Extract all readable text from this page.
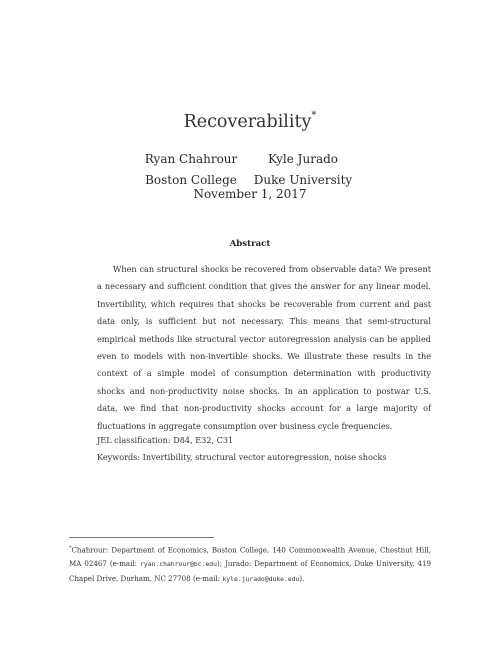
Recoverability*
Ryan Chahrour
Boston College
Kyle Jurado
Duke University
November 1, 2017
Abstract

When can structural shocks be recovered from observable data? We present a necessary and sufficient condition that gives the answer for any linear model. Invertibility, which requires that shocks be recoverable from current and past data only, is sufficient but not necessary. This means that semi-structural empirical methods like structural vector autoregression analysis can be applied even to models with non-invertible shocks. We illustrate these results in the context of a simple model of consumption determination with productivity shocks and non-productivity noise shocks. In an application to postwar U.S. data, we find that non-productivity shocks account for a large majority of fluctuations in aggregate consumption over business cycle frequencies.

JEL classification: D84, E32, C31
Keywords: Invertibility, structural vector autoregression, noise shocks

*Chahrour: Department of Economics, Boston College, 140 Commonwealth Avenue, Chestnut Hill, MA 02467 (e-mail: ryan.chahrour@bc.edu); Jurado: Department of Economics, Duke University, 419 Chapel Drive, Durham, NC 27708 (e-mail: kyle.jurado@duke.edu).
